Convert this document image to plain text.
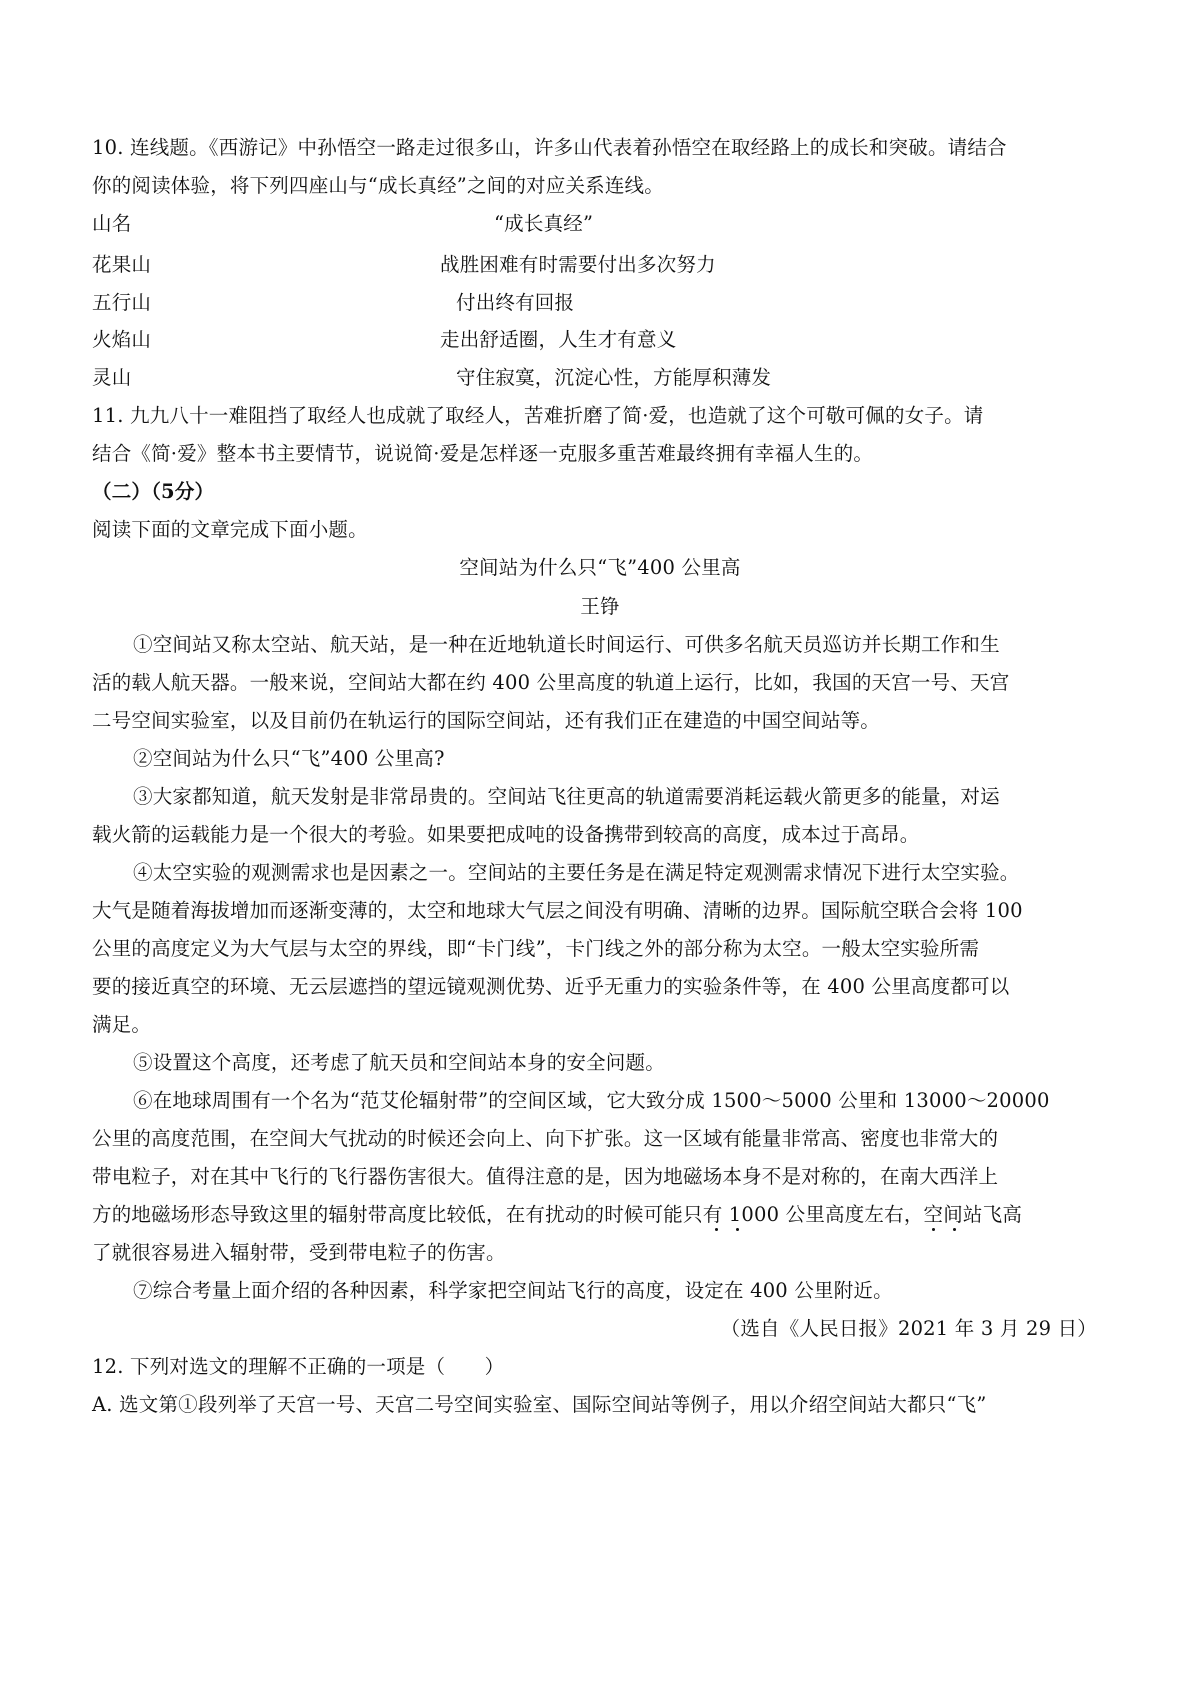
10. 连线题。《西游记》中孙悟空一路走过很多山，许多山代表着孙悟空在取经路上的成长和突破。请结合

你的阅读体验，将下列四座山与“成长真经”之间的对应关系连线。

山名	“成长真经”

花果山

五行山

火焰山

灵山

战胜困难有时需要付出多次努力

付出终有回报

走出舒适圈，人生才有意义

守住寂寞，沉淀心性，方能厚积薄发

11. 九九八十一难阻挡了取经人也成就了取经人，苦难折磨了简·爱，也造就了这个可敬可佩的女子。请

结合《简·爱》整本书主要情节，说说简·爱是怎样逐一克服多重苦难最终拥有幸福人生的。

（二）（5分）

阅读下面的文章完成下面小题。

空间站为什么只“飞”400 公里高

王铮

①空间站又称太空站、航天站，是一种在近地轨道长时间运行、可供多名航天员巡访并长期工作和生

活的载人航天器。一般来说，空间站大都在约 400 公里高度的轨道上运行，比如，我国的天宫一号、天宫

二号空间实验室，以及目前仍在轨运行的国际空间站，还有我们正在建造的中国空间站等。

②空间站为什么只“飞”400 公里高?

③大家都知道，航天发射是非常昂贵的。空间站飞往更高的轨道需要消耗运载火箭更多的能量，对运

载火箭的运载能力是一个很大的考验。如果要把成吨的设备携带到较高的高度，成本过于高昂。

④太空实验的观测需求也是因素之一。空间站的主要任务是在满足特定观测需求情况下进行太空实验。

大气是随着海拔增加而逐渐变薄的，太空和地球大气层之间没有明确、清晰的边界。国际航空联合会将 100

公里的高度定义为大气层与太空的界线，即“卡门线”，卡门线之外的部分称为太空。一般太空实验所需

要的接近真空的环境、无云层遮挡的望远镜观测优势、近乎无重力的实验条件等，在 400 公里高度都可以

满足。

⑤设置这个高度，还考虑了航天员和空间站本身的安全问题。

⑥在地球周围有一个名为“范艾伦辐射带”的空间区域，它大致分成 1500～5000 公里和 13000～20000

公里的高度范围，在空间大气扰动的时候还会向上、向下扩张。这一区域有能量非常高、密度也非常大的

带电粒子，对在其中飞行的飞行器伤害很大。值得注意的是，因为地磁场本身不是对称的，在南大西洋上

方的地磁场形态导致这里的辐射带高度比较低，在有扰动的时候可能只有 1000 公里高度左右，空间站飞高

了就很容易进入辐射带，受到带电粒子的伤害。

⑦综合考量上面介绍的各种因素，科学家把空间站飞行的高度，设定在 400 公里附近。

（选自《人民日报》2021 年 3 月 29 日）

12. 下列对选文的理解不正确的一项是（　　）

A. 选文第①段列举了天宫一号、天宫二号空间实验室、国际空间站等例子，用以介绍空间站大都只“飞”
